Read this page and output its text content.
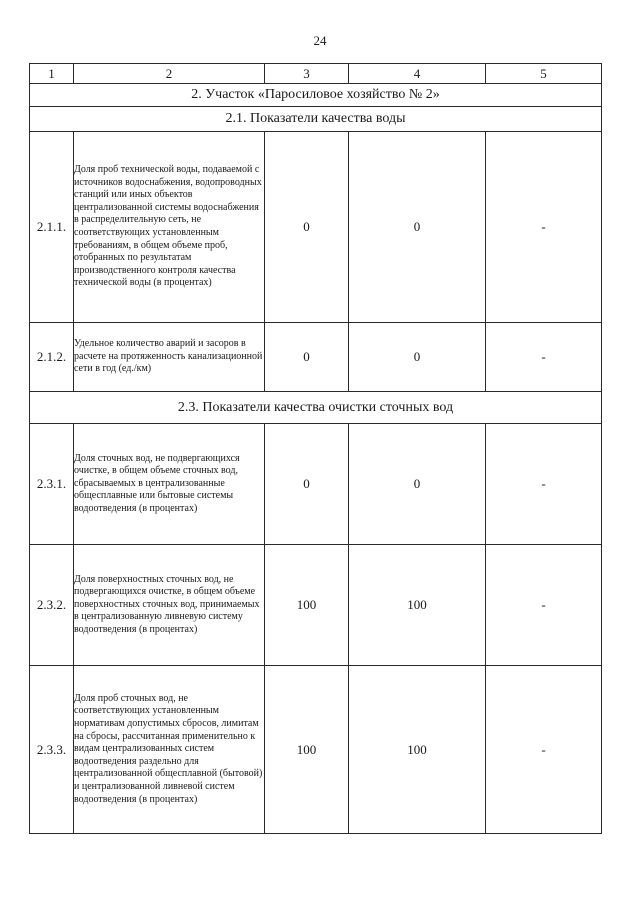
24
1	2	3	4	5
2. Участок «Паросиловое хозяйство № 2»				
2.1. Показатели качества воды				
2.1.1.	Доля проб технической воды, подаваемой с источников водоснабжения, водопроводных станций или иных объектов централизованной системы водоснабжения в распределительную сеть, не соответствующих установленным требованиям, в общем объеме проб, отобранных по результатам производственного контроля качества технической воды (в процентах)	0	0	-
2.1.2.	Удельное количество аварий и засоров в расчете на протяженность канализационной сети в год (ед./км)	0	0	-
2.3. Показатели качества очистки сточных вод				
2.3.1.	Доля сточных вод, не подвергающихся очистке, в общем объеме сточных вод, сбрасываемых в централизованные общесплавные или бытовые системы водоотведения (в процентах)	0	0	-
2.3.2.	Доля поверхностных сточных вод, не подвергающихся очистке, в общем объеме поверхностных сточных вод, принимаемых в централизованную ливневую систему водоотведения (в процентах)	100	100	-
2.3.3.	Доля проб сточных вод, не соответствующих установленным нормативам допустимых сбросов, лимитам на сбросы, рассчитанная применительно к видам централизованных систем водоотведения раздельно для централизованной общесплавной (бытовой) и централизованной ливневой систем водоотведения (в процентах)	100	100	-
